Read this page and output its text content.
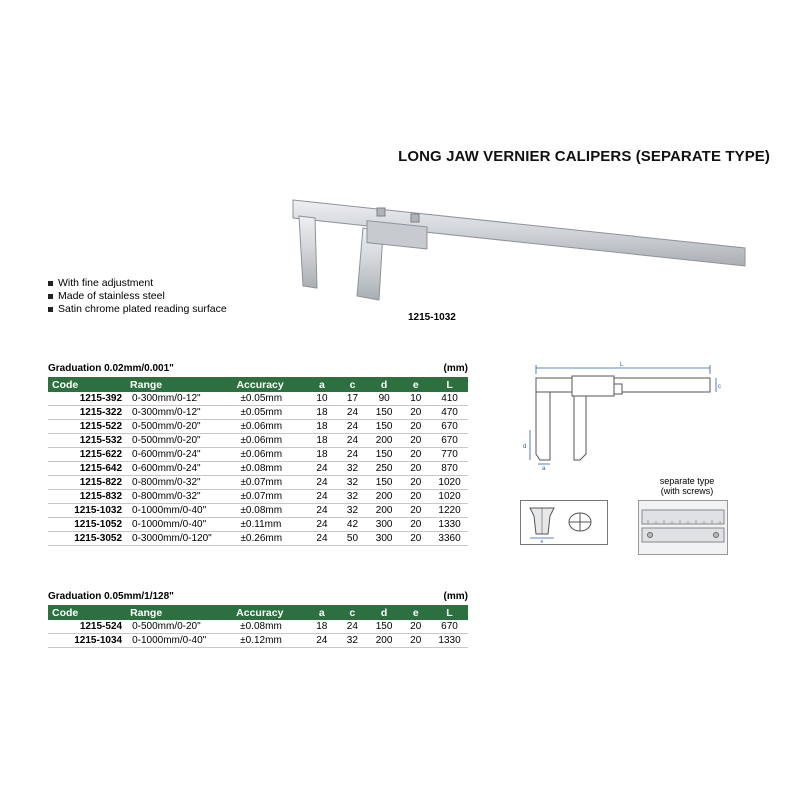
LONG JAW VERNIER CALIPERS (SEPARATE TYPE)
1215-1032
With fine adjustment
Made of stainless steel
Satin chrome plated reading surface
Graduation 0.02mm/0.001"	(mm)
Code	Range	Accuracy	a	c	d	e	L
1215-392	0-300mm/0-12"	±0.05mm	10	17	90	10	410
1215-322	0-300mm/0-12"	±0.05mm	18	24	150	20	470
1215-522	0-500mm/0-20"	±0.06mm	18	24	150	20	670
1215-532	0-500mm/0-20"	±0.06mm	18	24	200	20	670
1215-622	0-600mm/0-24"	±0.06mm	18	24	150	20	770
1215-642	0-600mm/0-24"	±0.08mm	24	32	250	20	870
1215-822	0-800mm/0-32"	±0.07mm	24	32	150	20	1020
1215-832	0-800mm/0-32"	±0.07mm	24	32	200	20	1020
1215-1032	0-1000mm/0-40"	±0.08mm	24	32	200	20	1220
1215-1052	0-1000mm/0-40"	±0.11mm	24	42	300	20	1330
1215-3052	0-3000mm/0-120"	±0.26mm	24	50	300	20	3360
Graduation 0.05mm/1/128"	(mm)
Code	Range	Accuracy	a	c	d	e	L
1215-524	0-500mm/0-20"	±0.08mm	18	24	150	20	670
1215-1034	0-1000mm/0-40"	±0.12mm	24	32	200	20	1330
L
c
d
a
e
separate type
(with screws)
